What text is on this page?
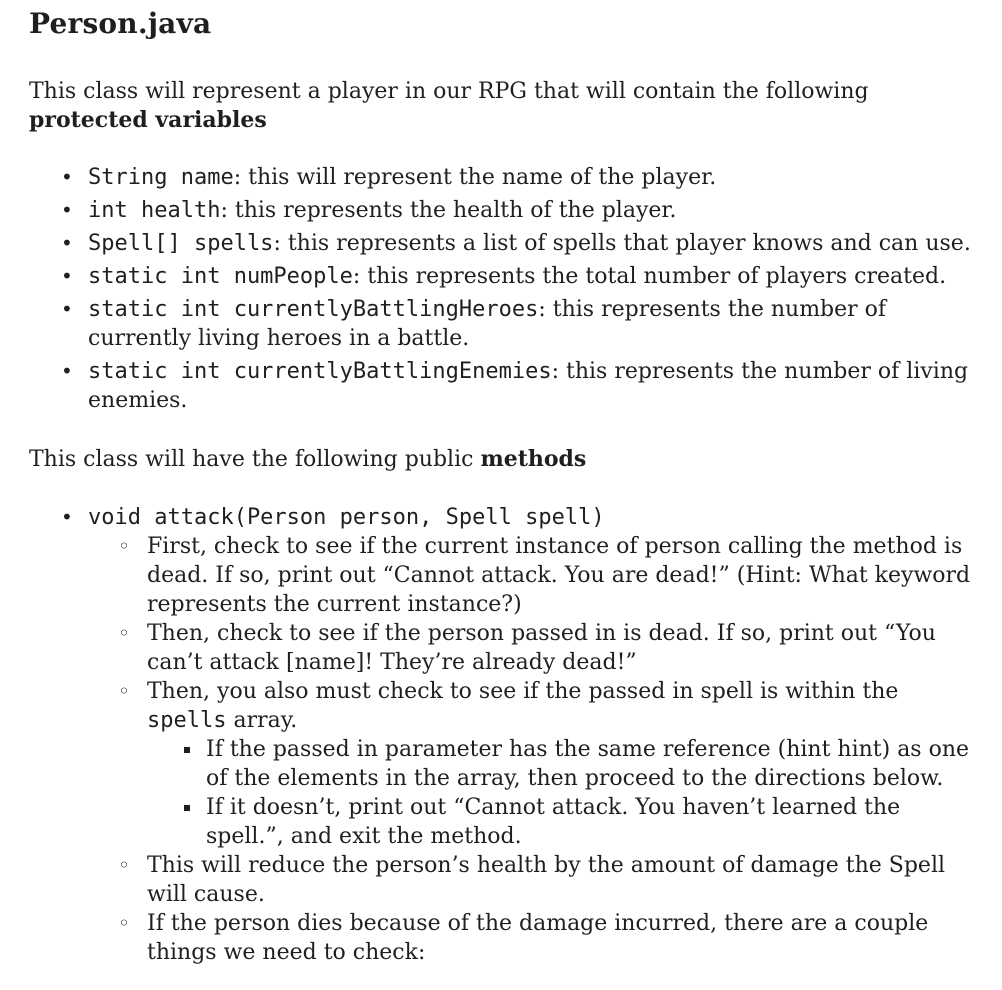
Person.java

This class will represent a player in our RPG that will contain the following protected variables

• String name: this will represent the name of the player.
• int health: this represents the health of the player.
• Spell[] spells: this represents a list of spells that player knows and can use.
• static int numPeople: this represents the total number of players created.
• static int currentlyBattlingHeroes: this represents the number of currently living heroes in a battle.
• static int currentlyBattlingEnemies: this represents the number of living enemies.

This class will have the following public methods

• void attack(Person person, Spell spell)
◦ First, check to see if the current instance of person calling the method is dead. If so, print out “Cannot attack. You are dead!” (Hint: What keyword represents the current instance?)
◦ Then, check to see if the person passed in is dead. If so, print out “You can’t attack [name]! They’re already dead!”
◦ Then, you also must check to see if the passed in spell is within the spells array.
If the passed in parameter has the same reference (hint hint) as one of the elements in the array, then proceed to the directions below.
If it doesn’t, print out “Cannot attack. You haven’t learned the spell.”, and exit the method.
◦ This will reduce the person’s health by the amount of damage the Spell will cause.
◦ If the person dies because of the damage incurred, there are a couple things we need to check:
